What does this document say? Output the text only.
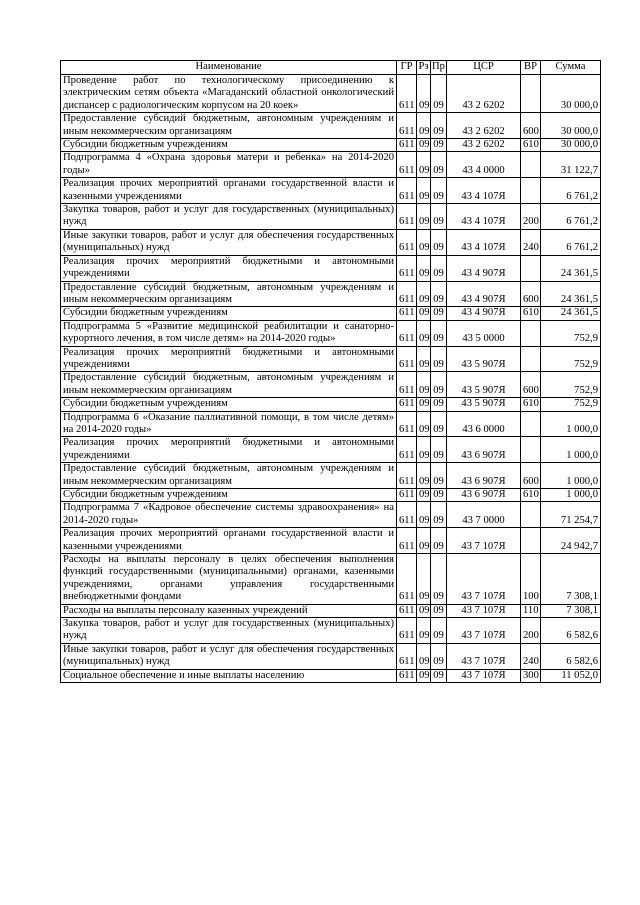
Наименование	ГР	Рз	Пр	ЦСР	ВР	Сумма
Проведение работ по технологическому присоединению к электрическим сетям объекта «Магаданский областной онкологический диспансер с радиологическим корпусом на 20 коек»	611	09	09	43 2 6202		30 000,0
Предоставление субсидий бюджетным, автономным учреждениям и иным некоммерческим организациям	611	09	09	43 2 6202	600	30 000,0
Субсидии бюджетным учреждениям	611	09	09	43 2 6202	610	30 000,0
Подпрограмма 4 «Охрана здоровья матери и ребенка» на 2014-2020 годы»	611	09	09	43 4 0000		31 122,7
Реализация прочих мероприятий органами государственной власти и казенными учреждениями	611	09	09	43 4 107Я		6 761,2
Закупка товаров, работ и услуг для государственных (муниципальных) нужд	611	09	09	43 4 107Я	200	6 761,2
Иные закупки товаров, работ и услуг для обеспечения государственных (муниципальных) нужд	611	09	09	43 4 107Я	240	6 761,2
Реализация прочих мероприятий бюджетными и автономными учреждениями	611	09	09	43 4 907Я		24 361,5
Предоставление субсидий бюджетным, автономным учреждениям и иным некоммерческим организациям	611	09	09	43 4 907Я	600	24 361,5
Субсидии бюджетным учреждениям	611	09	09	43 4 907Я	610	24 361,5
Подпрограмма 5 «Развитие медицинской реабилитации и санаторно-курортного лечения, в том числе детям» на 2014-2020 годы»	611	09	09	43 5 0000		752,9
Реализация прочих мероприятий бюджетными и автономными учреждениями	611	09	09	43 5 907Я		752,9
Предоставление субсидий бюджетным, автономным учреждениям и иным некоммерческим организациям	611	09	09	43 5 907Я	600	752,9
Субсидии бюджетным учреждениям	611	09	09	43 5 907Я	610	752,9
Подпрограмма 6 «Оказание паллиативной помощи, в том числе детям» на 2014-2020 годы»	611	09	09	43 6 0000		1 000,0
Реализация прочих мероприятий бюджетными и автономными учреждениями	611	09	09	43 6 907Я		1 000,0
Предоставление субсидий бюджетным, автономным учреждениям и иным некоммерческим организациям	611	09	09	43 6 907Я	600	1 000,0
Субсидии бюджетным учреждениям	611	09	09	43 6 907Я	610	1 000,0
Подпрограмма 7 «Кадровое обеспечение системы здравоохранения» на 2014-2020 годы»	611	09	09	43 7 0000		71 254,7
Реализация прочих мероприятий органами государственной власти и казенными учреждениями	611	09	09	43 7 107Я		24 942,7
Расходы на выплаты персоналу в целях обеспечения выполнения функций государственными (муниципальными) органами, казенными учреждениями, органами управления государственными внебюджетными фондами	611	09	09	43 7 107Я	100	7 308,1
Расходы на выплаты персоналу казенных учреждений	611	09	09	43 7 107Я	110	7 308,1
Закупка товаров, работ и услуг для государственных (муниципальных) нужд	611	09	09	43 7 107Я	200	6 582,6
Иные закупки товаров, работ и услуг для обеспечения государственных (муниципальных) нужд	611	09	09	43 7 107Я	240	6 582,6
Социальное обеспечение и иные выплаты населению	611	09	09	43 7 107Я	300	11 052,0
